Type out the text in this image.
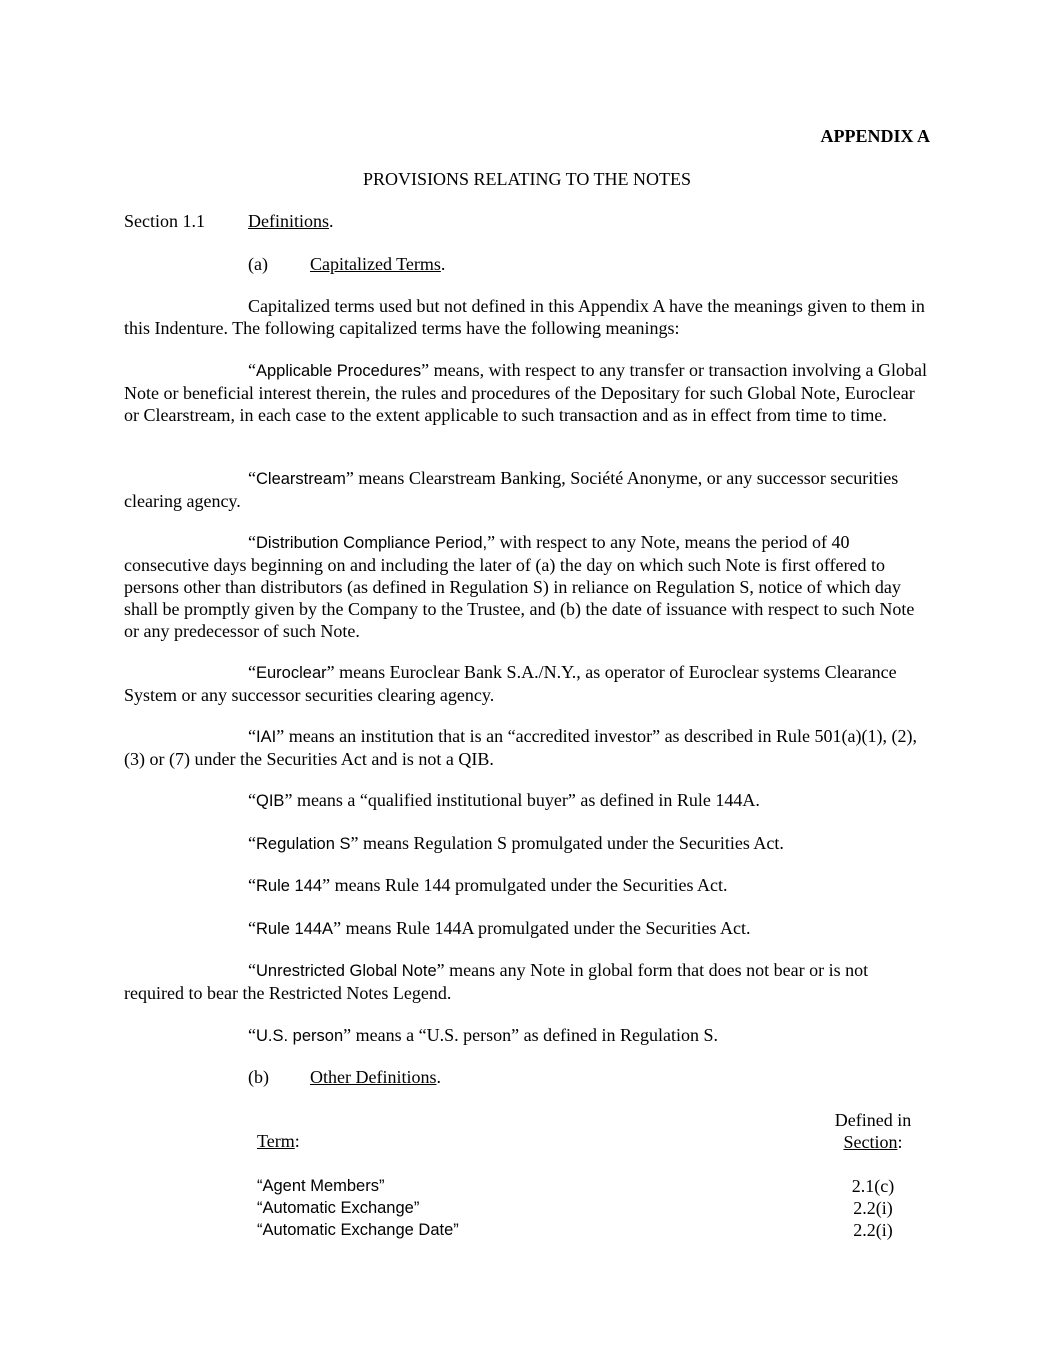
APPENDIX A
PROVISIONS RELATING TO THE NOTES
Section 1.1 Definitions.
(a) Capitalized Terms.
Capitalized terms used but not defined in this Appendix A have the meanings given to them in this Indenture. The following capitalized terms have the following meanings:
“Applicable Procedures” means, with respect to any transfer or transaction involving a Global Note or beneficial interest therein, the rules and procedures of the Depositary for such Global Note, Euroclear or Clearstream, in each case to the extent applicable to such transaction and as in effect from time to time.
“Clearstream” means Clearstream Banking, Société Anonyme, or any successor securities clearing agency.
“Distribution Compliance Period,” with respect to any Note, means the period of 40 consecutive days beginning on and including the later of (a) the day on which such Note is first offered to persons other than distributors (as defined in Regulation S) in reliance on Regulation S, notice of which day shall be promptly given by the Company to the Trustee, and (b) the date of issuance with respect to such Note or any predecessor of such Note.
“Euroclear” means Euroclear Bank S.A./N.Y., as operator of Euroclear systems Clearance System or any successor securities clearing agency.
“IAI” means an institution that is an “accredited investor” as described in Rule 501(a)(1), (2), (3) or (7) under the Securities Act and is not a QIB.
“QIB” means a “qualified institutional buyer” as defined in Rule 144A.
“Regulation S” means Regulation S promulgated under the Securities Act.
“Rule 144” means Rule 144 promulgated under the Securities Act.
“Rule 144A” means Rule 144A promulgated under the Securities Act.
“Unrestricted Global Note” means any Note in global form that does not bear or is not required to bear the Restricted Notes Legend.
“U.S. person” means a “U.S. person” as defined in Regulation S.
(b) Other Definitions.
Term:
Defined in
Section:
“Agent Members”	2.1(c)
“Automatic Exchange”	2.2(i)
“Automatic Exchange Date”	2.2(i)
